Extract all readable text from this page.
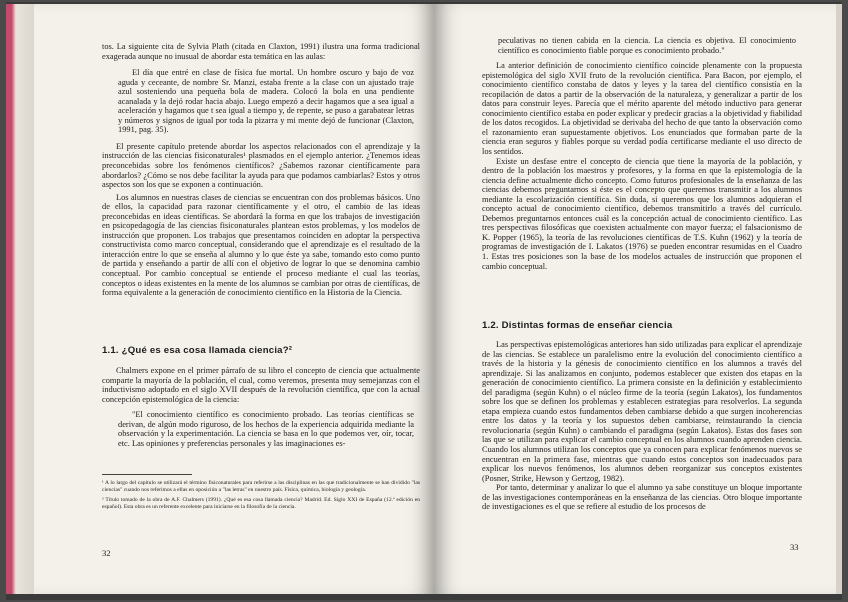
tos. La siguiente cita de Sylvia Plath (citada en Claxton, 1991) ilustra una forma tradicional exagerada aunque no inusual de abordar esta temática en las aulas:

El día que entré en clase de física fue mortal. Un hombre oscuro y bajo de voz aguda y ceceante, de nombre Sr. Manzi, estaba frente a la clase con un ajustado traje azul sosteniendo una pequeña bola de madera. Colocó la bola en una pendiente acanalada y la dejó rodar hacia abajo. Luego empezó a decir hagamos que a sea igual a aceleración y hagamos que t sea igual a tiempo y, de repente, se puso a garabatear letras y números y signos de igual por toda la pizarra y mi mente dejó de funcionar (Claxton, 1991, pag. 35).

El presente capítulo pretende abordar los aspectos relacionados con el aprendizaje y la instrucción de las ciencias fisiconaturales¹ plasmados en el ejemplo anterior. ¿Tenemos ideas preconcebidas sobre los fenómenos científicos? ¿Sabemos razonar científicamente para abordarlos? ¿Cómo se nos debe facilitar la ayuda para que podamos cambiarlas? Estos y otros aspectos son los que se exponen a continuación.

Los alumnos en nuestras clases de ciencias se encuentran con dos problemas básicos. Uno de ellos, la capacidad para razonar científicamente y el otro, el cambio de las ideas preconcebidas en ideas científicas. Se abordará la forma en que los trabajos de investigación en psicopedagogía de las ciencias fisiconaturales plantean estos problemas, y los modelos de instrucción que proponen. Los trabajos que presentamos coinciden en adoptar la perspectiva constructivista como marco conceptual, considerando que el aprendizaje es el resultado de la interacción entre lo que se enseña al alumno y lo que éste ya sabe, tomando esto como punto de partida y enseñando a partir de allí con el objetivo de lograr lo que se denomina cambio conceptual. Por cambio conceptual se entiende el proceso mediante el cual las teorías, conceptos o ideas existentes en la mente de los alumnos se cambian por otras de científicas, de forma equivalente a la generación de conocimiento científico en la Historia de la Ciencia.

1.1. ¿Qué es esa cosa llamada ciencia?²

Chalmers expone en el primer párrafo de su libro el concepto de ciencia que actualmente comparte la mayoría de la población, el cual, como veremos, presenta muy semejanzas con el inductivismo adoptado en el siglo XVII después de la revolución científica, que con la actual concepción epistemológica de la ciencia:

"El conocimiento científico es conocimiento probado. Las teorías científicas se derivan, de algún modo riguroso, de los hechos de la experiencia adquirida mediante la observación y la experimentación. La ciencia se basa en lo que podemos ver, oír, tocar, etc. Las opiniones y preferencias personales y las imaginaciones es-

¹ A lo largo del capítulo se utilizará el término fisiconaturales para referirse a las disciplinas en las que tradicionalmente se han dividido "las ciencias" cuando nos referimos a ellas en oposición a "las letras" en nuestro país. Física, química, biología y geología.

² Título tomado de la obra de A.F. Chalmers (1991). ¿Qué es esa cosa llamada ciencia? Madrid. Ed. Siglo XXI de España (12.ª edición en español). Esta obra es un referente excelente para iniciarse en la filosofía de la ciencia.

32

peculativas no tienen cabida en la ciencia. La ciencia es objetiva. El conocimiento científico es conocimiento fiable porque es conocimiento probado."

La anterior definición de conocimiento científico coincide plenamente con la propuesta epistemológica del siglo XVII fruto de la revolución científica. Para Bacon, por ejemplo, el conocimiento científico constaba de datos y leyes y la tarea del científico consistía en la recopilación de datos a partir de la observación de la naturaleza, y generalizar a partir de los datos para construir leyes. Parecía que el mérito aparente del método inductivo para generar conocimiento científico estaba en poder explicar y predecir gracias a la objetividad y fiabilidad de los datos recogidos. La objetividad se derivaba del hecho de que tanto la observación como el razonamiento eran supuestamente objetivos. Los enunciados que formaban parte de la ciencia eran seguros y fiables porque su verdad podía certificarse mediante el uso directo de los sentidos.

Existe un desfase entre el concepto de ciencia que tiene la mayoría de la población, y dentro de la población los maestros y profesores, y la forma en que la epistemología de la ciencia define actualmente dicho concepto. Como futuros profesionales de la enseñanza de las ciencias debemos preguntarnos si éste es el concepto que queremos transmitir a los alumnos mediante la escolarización científica. Sin duda, si queremos que los alumnos adquieran el concepto actual de conocimiento científico, debemos transmitirlo a través del currículo. Debemos preguntarnos entonces cuál es la concepción actual de conocimiento científico. Las tres perspectivas filosóficas que coexisten actualmente con mayor fuerza; el falsacionismo de K. Popper (1965), la teoría de las revoluciones científicas de T.S. Kuhn (1962) y la teoría de programas de investigación de I. Lakatos (1976) se pueden encontrar resumidas en el Cuadro 1. Estas tres posiciones son la base de los modelos actuales de instrucción que proponen el cambio conceptual.

1.2. Distintas formas de enseñar ciencia

Las perspectivas epistemológicas anteriores han sido utilizadas para explicar el aprendizaje de las ciencias. Se establece un paralelismo entre la evolución del conocimiento científico a través de la historia y la génesis de conocimiento científico en los alumnos a través del aprendizaje. Si las analizamos en conjunto, podemos establecer que existen dos etapas en la generación de conocimiento científico. La primera consiste en la definición y establecimiento del paradigma (según Kuhn) o el núcleo firme de la teoría (según Lakatos), los fundamentos sobre los que se definen los problemas y establecen estrategias para resolverlos. La segunda etapa empieza cuando estos fundamentos deben cambiarse debido a que surgen incoherencias entre los datos y la teoría y los supuestos deben cambiarse, reinstaurando la ciencia revolucionaria (según Kuhn) o cambiando el paradigma (según Lakatos). Estas dos fases son las que se utilizan para explicar el cambio conceptual en los alumnos cuando aprenden ciencia. Cuando los alumnos utilizan los conceptos que ya conocen para explicar fenómenos nuevos se encuentran en la primera fase, mientras que cuando estos conceptos son inadecuados para explicar los nuevos fenómenos, los alumnos deben reorganizar sus conceptos existentes (Posner, Strike, Hewson y Gertzog, 1982).

Por tanto, determinar y analizar lo que el alumno ya sabe constituye un bloque importante de las investigaciones contemporáneas en la enseñanza de las ciencias. Otro bloque importante de investigaciones es el que se refiere al estudio de los procesos de

33
